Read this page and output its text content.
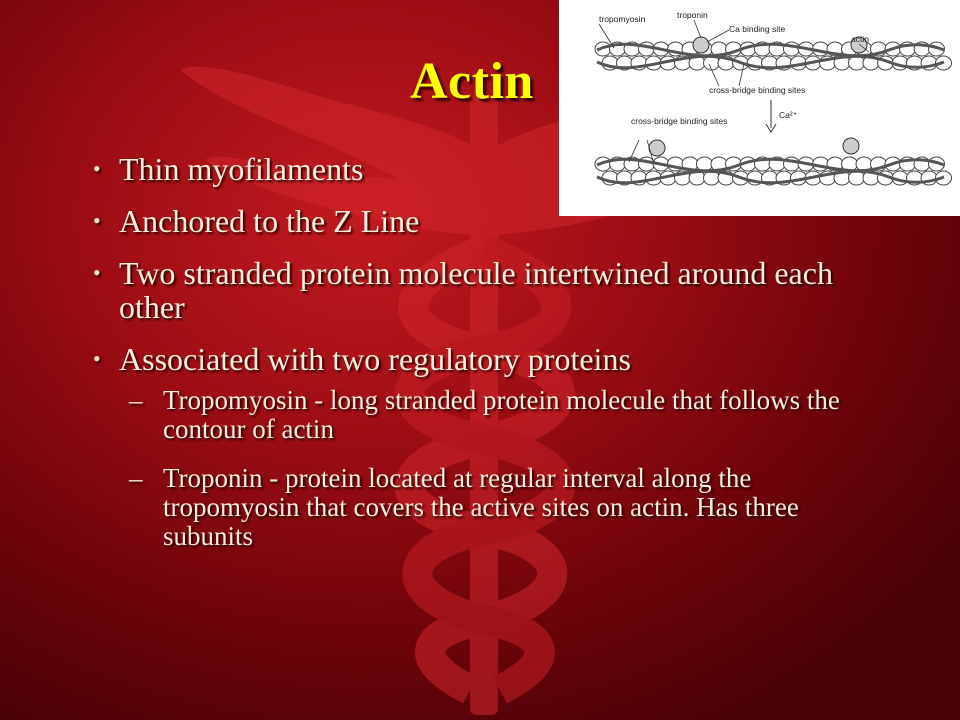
Actin
• Thin myofilaments
• Anchored to the Z Line
• Two stranded protein molecule intertwined around each other
• Associated with two regulatory proteins
– Tropomyosin - long stranded protein molecule that follows the contour of actin
– Troponin - protein located at regular interval along the tropomyosin that covers the active sites on actin. Has three subunits
tropomyosin	troponin
Ca binding site
actin
cross-bridge binding sites
Ca²⁺
cross-bridge binding sites
